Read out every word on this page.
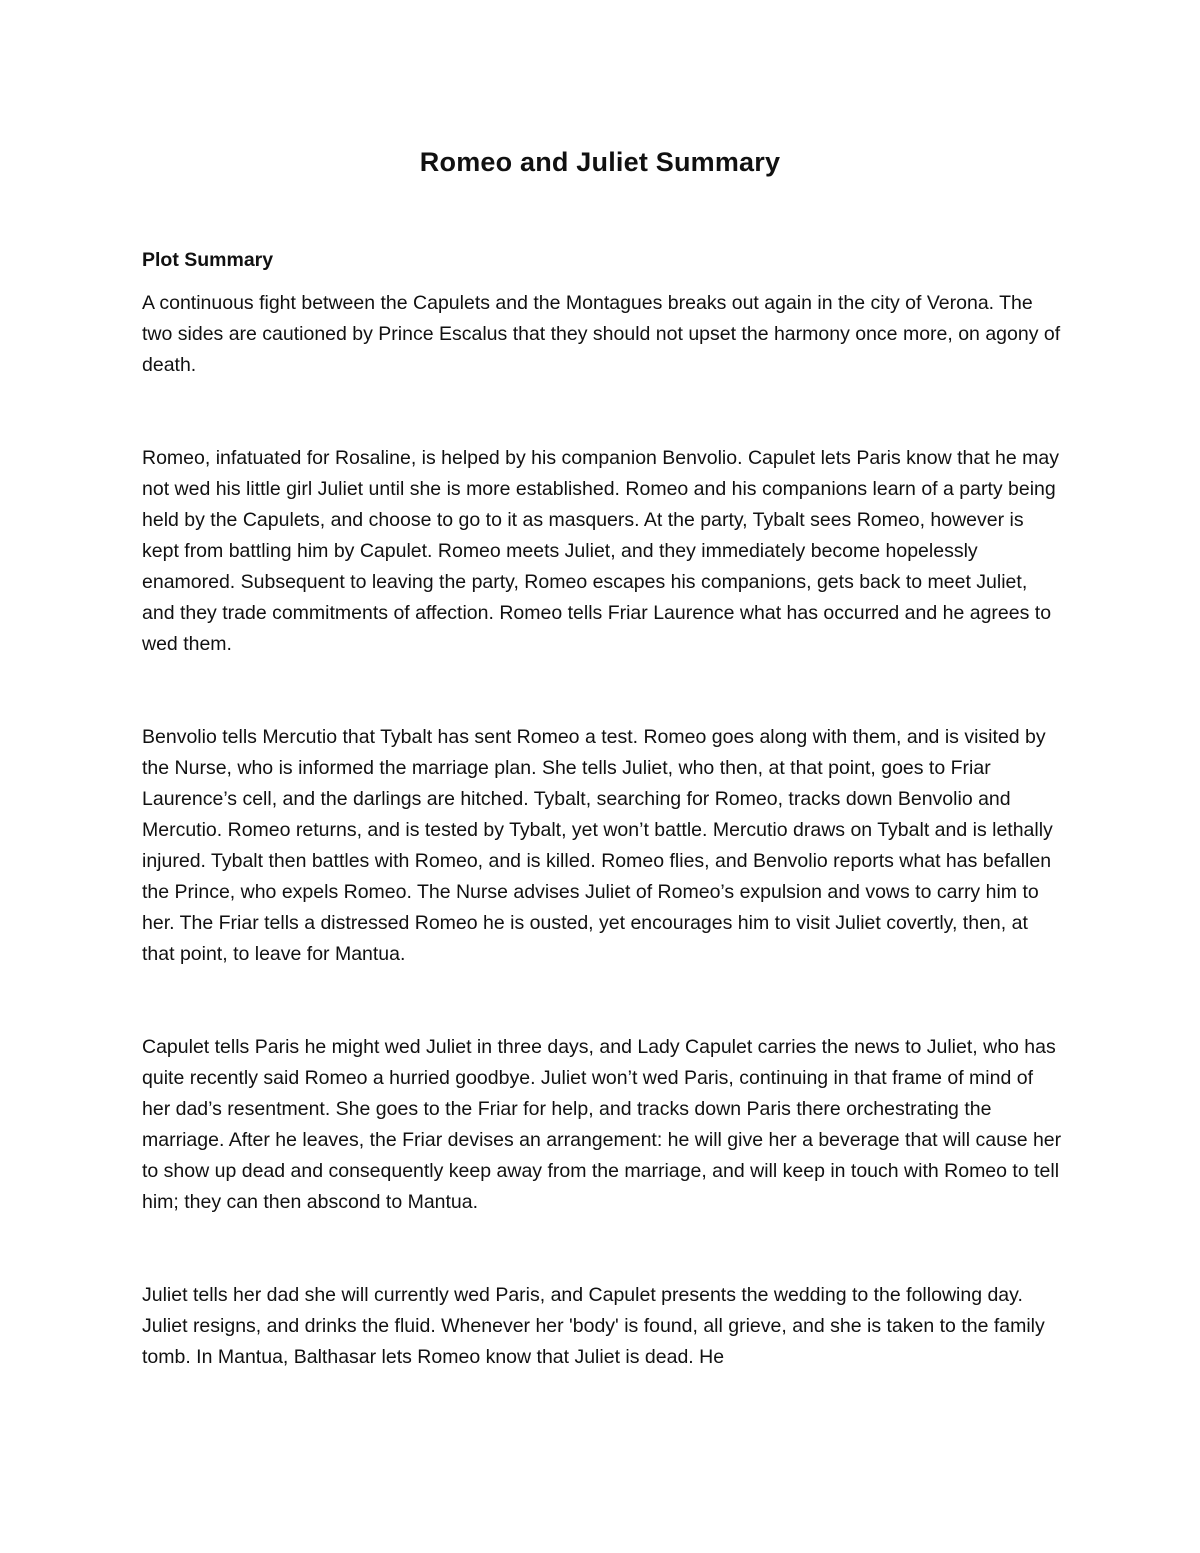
Romeo and Juliet Summary
Plot Summary

A continuous fight between the Capulets and the Montagues breaks out again in the city of Verona. The two sides are cautioned by Prince Escalus that they should not upset the harmony once more, on agony of death.

Romeo, infatuated for Rosaline, is helped by his companion Benvolio. Capulet lets Paris know that he may not wed his little girl Juliet until she is more established. Romeo and his companions learn of a party being held by the Capulets, and choose to go to it as masquers. At the party, Tybalt sees Romeo, however is kept from battling him by Capulet. Romeo meets Juliet, and they immediately become hopelessly enamored. Subsequent to leaving the party, Romeo escapes his companions, gets back to meet Juliet, and they trade commitments of affection. Romeo tells Friar Laurence what has occurred and he agrees to wed them.

Benvolio tells Mercutio that Tybalt has sent Romeo a test. Romeo goes along with them, and is visited by the Nurse, who is informed the marriage plan. She tells Juliet, who then, at that point, goes to Friar Laurence’s cell, and the darlings are hitched. Tybalt, searching for Romeo, tracks down Benvolio and Mercutio. Romeo returns, and is tested by Tybalt, yet won’t battle. Mercutio draws on Tybalt and is lethally injured. Tybalt then battles with Romeo, and is killed. Romeo flies, and Benvolio reports what has befallen the Prince, who expels Romeo. The Nurse advises Juliet of Romeo’s expulsion and vows to carry him to her. The Friar tells a distressed Romeo he is ousted, yet encourages him to visit Juliet covertly, then, at that point, to leave for Mantua.

Capulet tells Paris he might wed Juliet in three days, and Lady Capulet carries the news to Juliet, who has quite recently said Romeo a hurried goodbye. Juliet won’t wed Paris, continuing in that frame of mind of her dad’s resentment. She goes to the Friar for help, and tracks down Paris there orchestrating the marriage. After he leaves, the Friar devises an arrangement: he will give her a beverage that will cause her to show up dead and consequently keep away from the marriage, and will keep in touch with Romeo to tell him; they can then abscond to Mantua.

Juliet tells her dad she will currently wed Paris, and Capulet presents the wedding to the following day. Juliet resigns, and drinks the fluid. Whenever her 'body' is found, all grieve, and she is taken to the family tomb. In Mantua, Balthasar lets Romeo know that Juliet is dead. He
